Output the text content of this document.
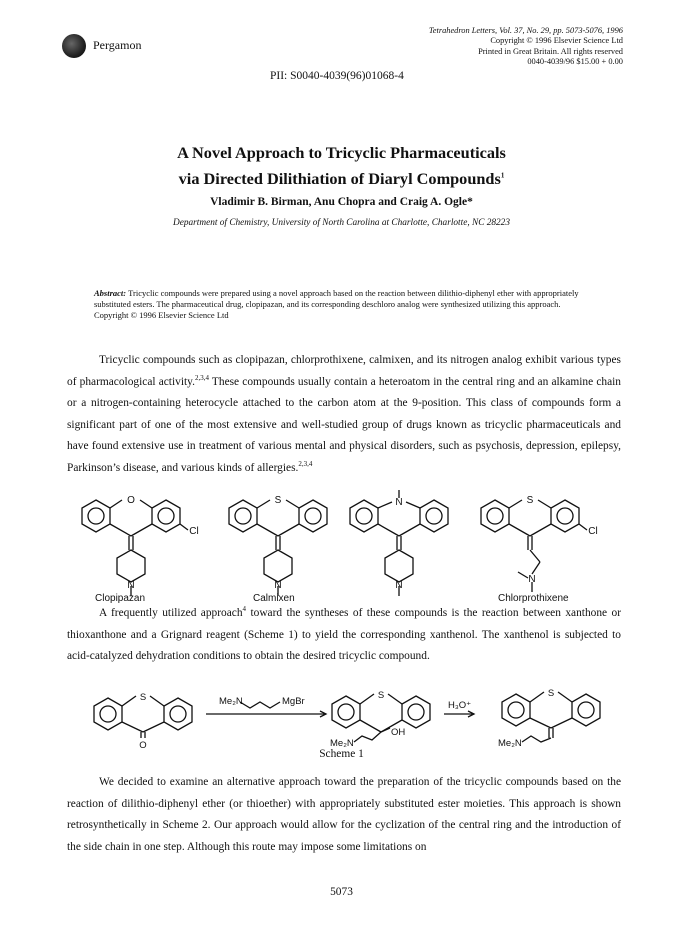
Pergamon
Tetrahedron Letters, Vol. 37, No. 29, pp. 5073-5076, 1996
Copyright © 1996 Elsevier Science Ltd
Printed in Great Britain. All rights reserved
0040-4039/96 $15.00 + 0.00
PII: S0040-4039(96)01068-4
A Novel Approach to Tricyclic Pharmaceuticals
via Directed Dilithiation of Diaryl Compounds$^1$
Vladimir B. Birman, Anu Chopra and Craig A. Ogle*
Department of Chemistry, University of North Carolina at Charlotte, Charlotte, NC 28223
Abstract: Tricyclic compounds were prepared using a novel approach based on the reaction between dilithio-diphenyl ether with appropriately substituted esters. The pharmaceutical drug, clopipazan, and its corresponding deschloro analog were synthesized utilizing this approach. Copyright © 1996 Elsevier Science Ltd
Tricyclic compounds such as clopipazan, chlorprothixene, calmixen, and its nitrogen analog exhibit various types of pharmacological activity.$^{2,3,4}$ These compounds usually contain a heteroatom in the central ring and an alkamine chain or a nitrogen-containing heterocycle attached to the carbon atom at the 9-position. This class of compounds form a significant part of one of the most extensive and well-studied group of drugs known as tricyclic pharmaceuticals and have found extensive use in treatment of various mental and physical disorders, such as psychosis, depression, epilepsy, Parkinson’s disease, and various kinds of allergies.$^{2,3,4}$
O
Cl
N
S
N
N
N
S
Cl
N
Clopipazan	Calmixen	Chlorprothixene
A frequently utilized approach$^4$ toward the syntheses of these compounds is the reaction between xanthone or thioxanthone and a Grignard reagent (Scheme 1) to yield the corresponding xanthenol. The xanthenol is subjected to acid-catalyzed dehydration conditions to obtain the desired tricyclic compound.
S
O
Me₂N	MgBr
S
OH
Me₂N
H₃O⁺
S
Me₂N
Scheme 1
We decided to examine an alternative approach toward the preparation of the tricyclic compounds based on the reaction of dilithio-diphenyl ether (or thioether) with appropriately substituted ester moieties. This approach is shown retrosynthetically in Scheme 2. Our approach would allow for the cyclization of the central ring and the introduction of the side chain in one step. Although this route may impose some limitations on
5073
